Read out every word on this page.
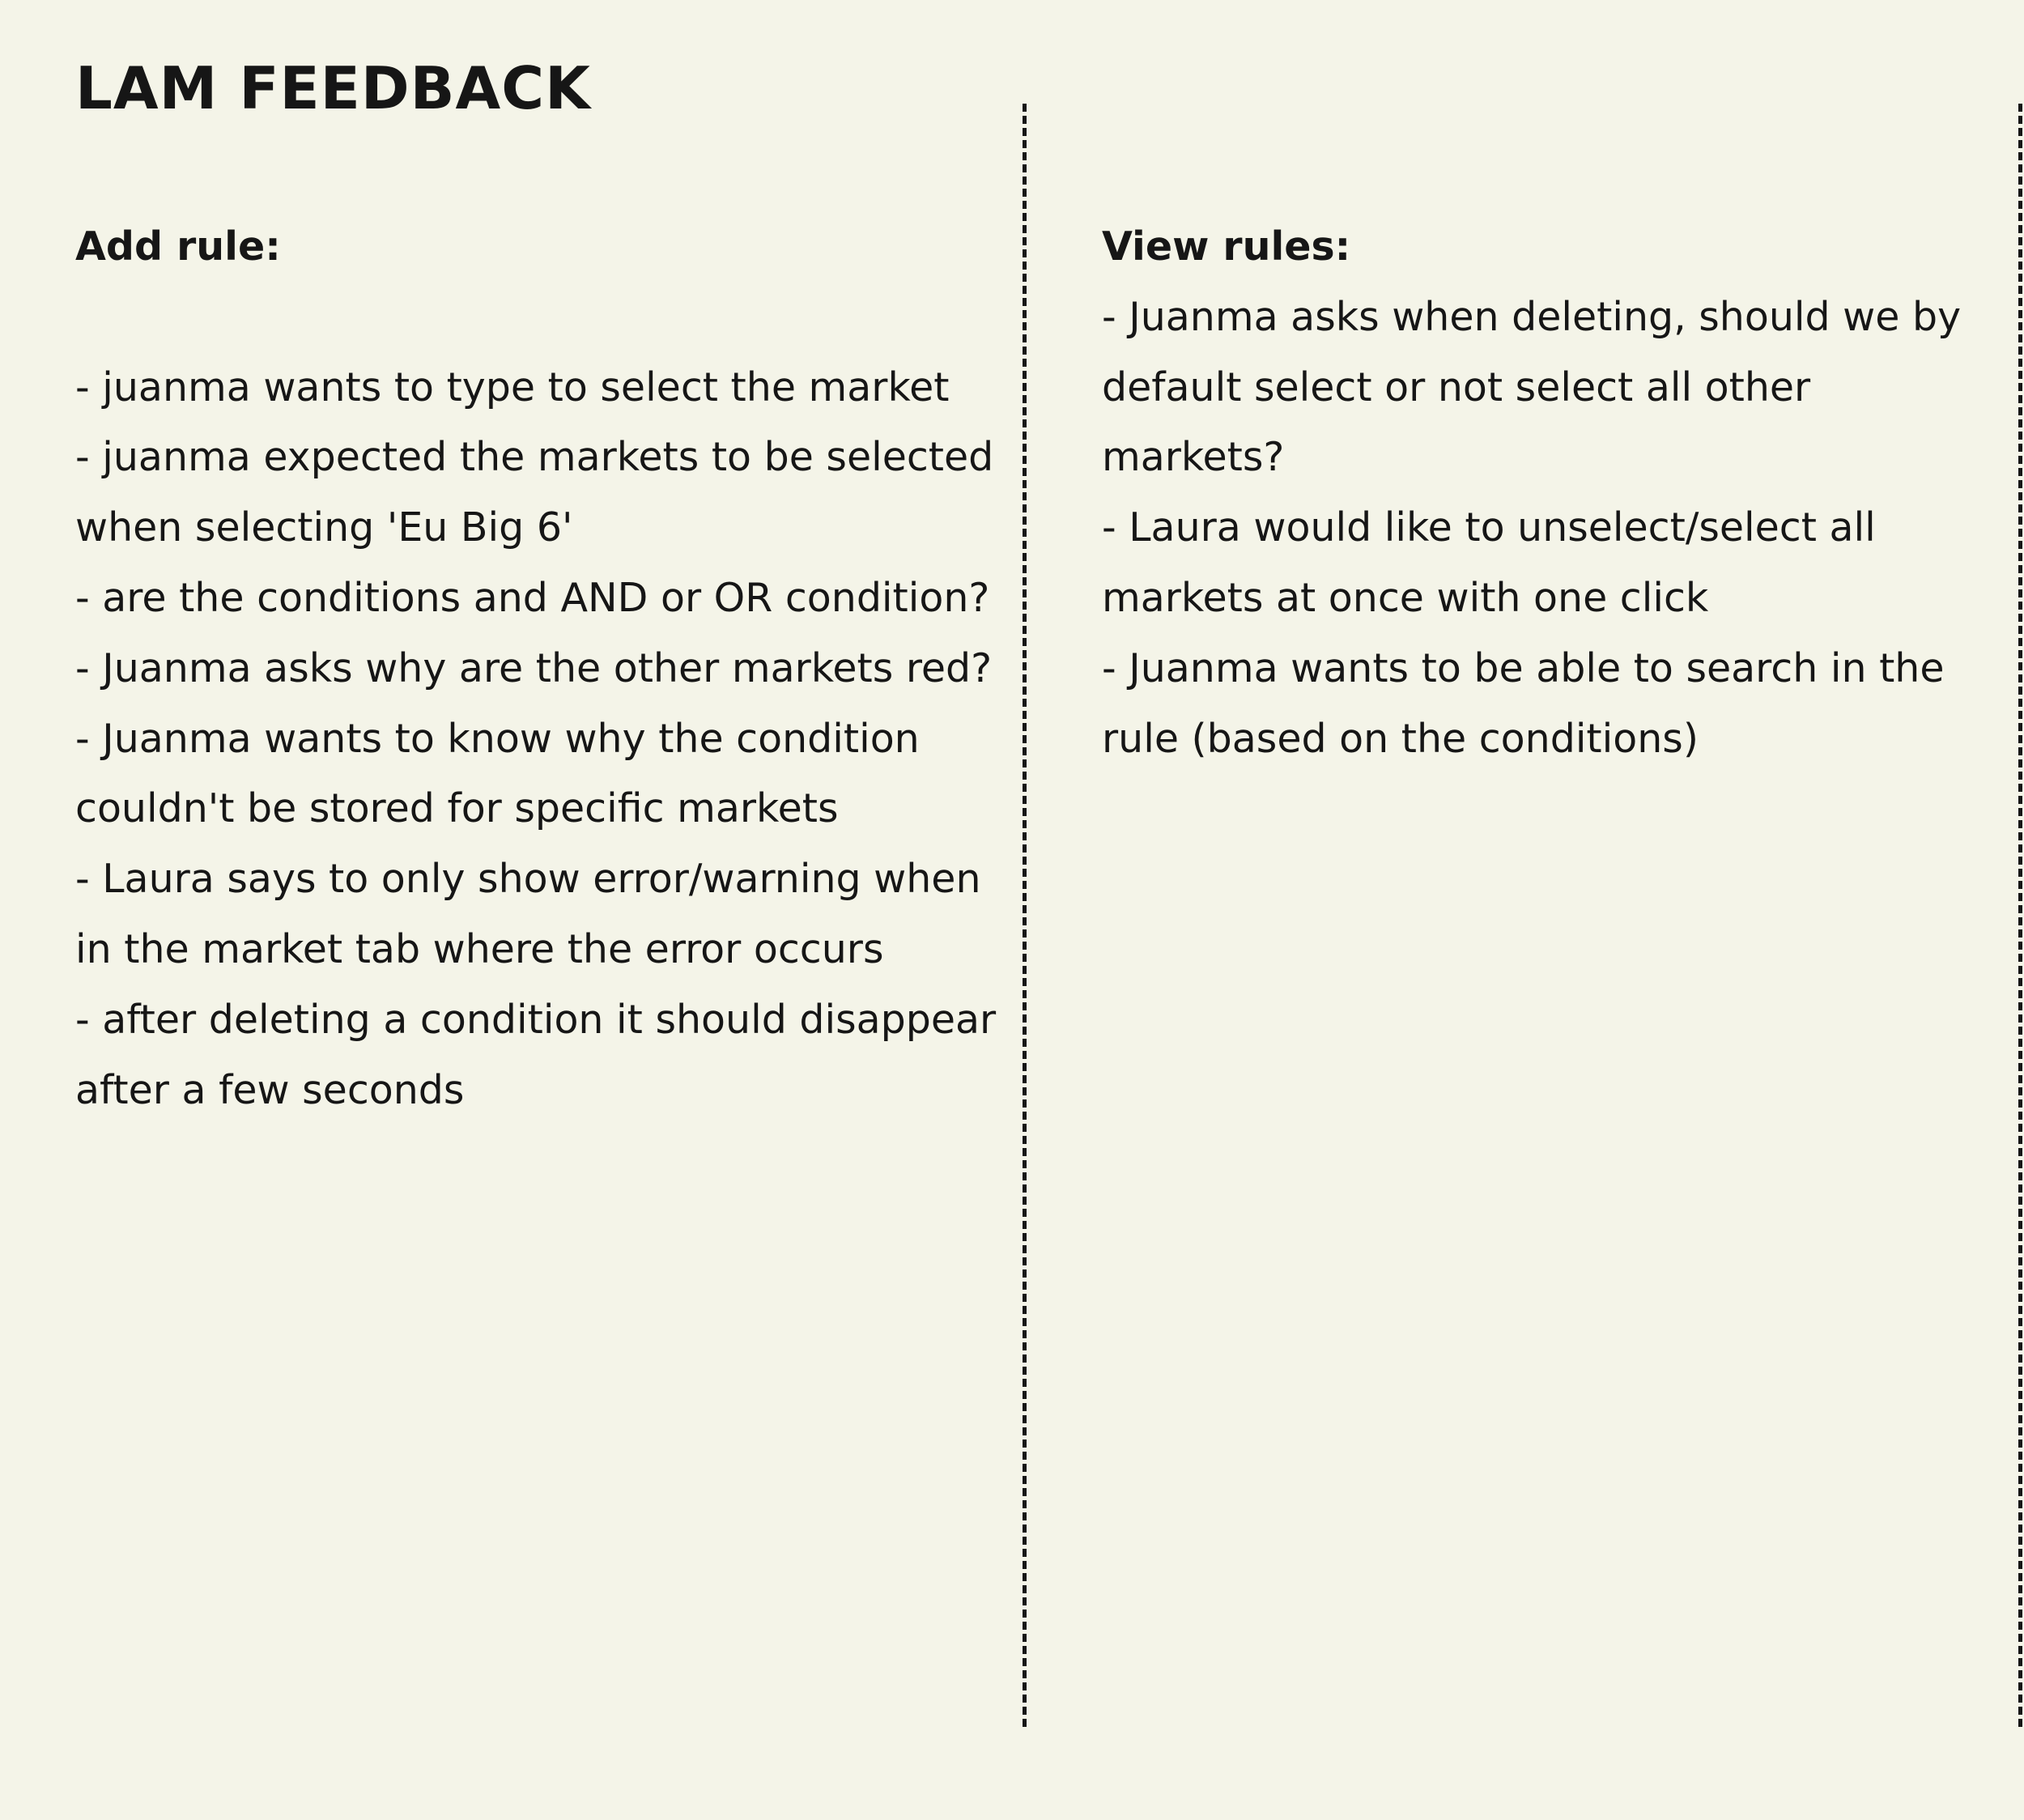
LAM FEEDBACK

Add rule:

- juanma wants to type to select the market

- juanma expected the markets to be selected when selecting 'Eu Big 6'

- are the conditions and AND or OR condition?

- Juanma asks why are the other markets red?

- Juanma wants to know why the condition couldn't be stored for specific markets

- Laura says to only show error/warning when in the market tab where the error occurs

- after deleting a condition it should disappear after a few seconds

View rules:

- Juanma asks when deleting, should we by default select or not select all other markets?

- Laura would like to unselect/select all markets at once with one click

- Juanma wants to be able to search in the rule (based on the conditions)
